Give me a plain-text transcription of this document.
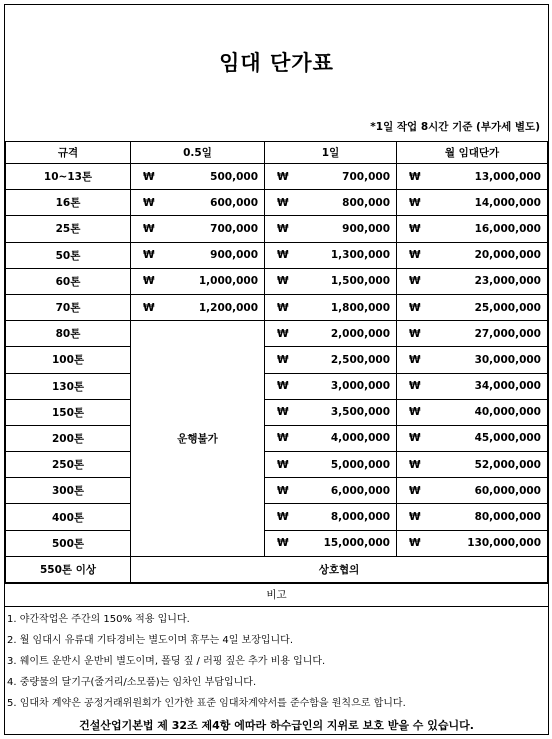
임대 단가표
*1일 작업 8시간 기준 (부가세 별도)
규격	0.5일	1일	월 임대단가
10~13톤	₩ 500,000	₩ 700,000	₩ 13,000,000

16톤	₩ 600,000	₩ 800,000	₩ 14,000,000

25톤	₩ 700,000	₩ 900,000	₩ 16,000,000

50톤	₩ 900,000	₩ 1,300,000	₩ 20,000,000

60톤	₩ 1,000,000	₩ 1,500,000	₩ 23,000,000

70톤	₩ 1,200,000	₩ 1,800,000	₩ 25,000,000

80톤	운행불가	₩ 2,000,000	₩ 27,000,000

100톤		₩ 2,500,000	₩ 30,000,000

130톤		₩ 3,000,000	₩ 34,000,000

150톤		₩ 3,500,000	₩ 40,000,000

200톤		₩ 4,000,000	₩ 45,000,000

250톤		₩ 5,000,000	₩ 52,000,000

300톤		₩ 6,000,000	₩ 60,000,000

400톤		₩ 8,000,000	₩ 80,000,000

500톤		₩ 15,000,000	₩ 130,000,000

550톤 이상	상호협의		
비고
1. 야간작업은 주간의 150% 적용 입니다.
2. 월 임대시 유류대 기타경비는 별도이며 휴무는 4일 보장입니다.
3. 웨이트 운반시 운반비 별도이며, 폴딩 짚 / 러핑 짚은 추가 비용 입니다.
4. 중량물의 달기구(줄거리/소모품)는 임차인 부담입니다.
5. 임대차 계약은 공정거래위원회가 인가한 표준 임대차계약서를 준수함을 원칙으로 합니다.
건설산업기본법 제 32조 제4항 에따라 하수급인의 지위로 보호 받을 수 있습니다.
